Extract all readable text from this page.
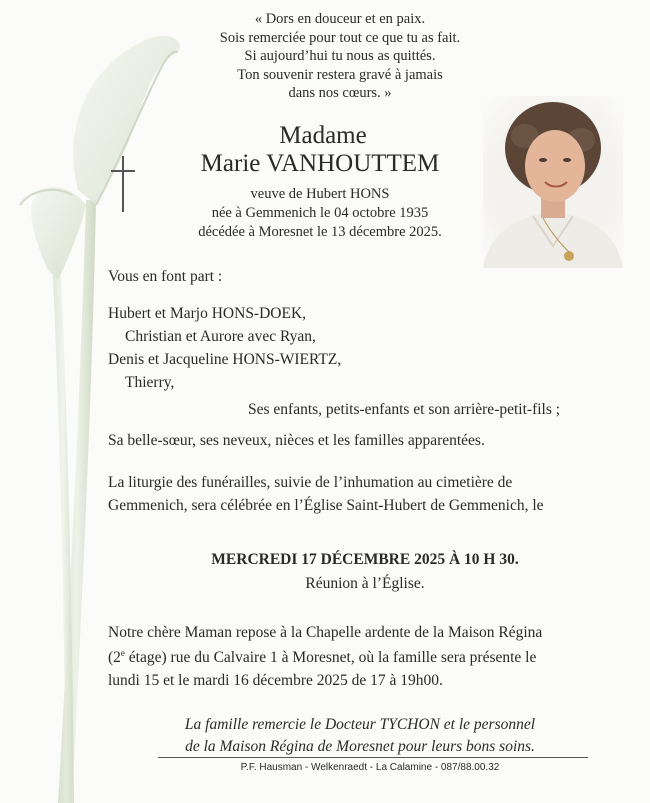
« Dors en douceur et en paix.
Sois remerciée pour tout ce que tu as fait.
Si aujourd’hui tu nous as quittés.
Ton souvenir restera gravé à jamais
dans nos cœurs. »
Madame
Marie VANHOUTTEM
veuve de Hubert HONS
née à Gemmenich le 04 octobre 1935
décédée à Moresnet le 13 décembre 2025.
Vous en font part :
Hubert et Marjo HONS-DOEK,
Christian et Aurore avec Ryan,
Denis et Jacqueline HONS-WIERTZ,
Thierry,
Ses enfants, petits-enfants et son arrière-petit-fils ;
Sa belle-sœur, ses neveux, nièces et les familles apparentées.
La liturgie des funérailles, suivie de l’inhumation au cimetière de
Gemmenich, sera célébrée en l’Église Saint-Hubert de Gemmenich, le
MERCREDI 17 DÉCEMBRE 2025 À 10 H 30.
Réunion à l’Église.
Notre chère Maman repose à la Chapelle ardente de la Maison Régina
(2e étage) rue du Calvaire 1 à Moresnet, où la famille sera présente le
lundi 15 et le mardi 16 décembre 2025 de 17 à 19h00.
La famille remercie le Docteur TYCHON et le personnel
de la Maison Régina de Moresnet pour leurs bons soins.
P.F. Hausman - Welkenraedt - La Calamine - 087/88.00.32
